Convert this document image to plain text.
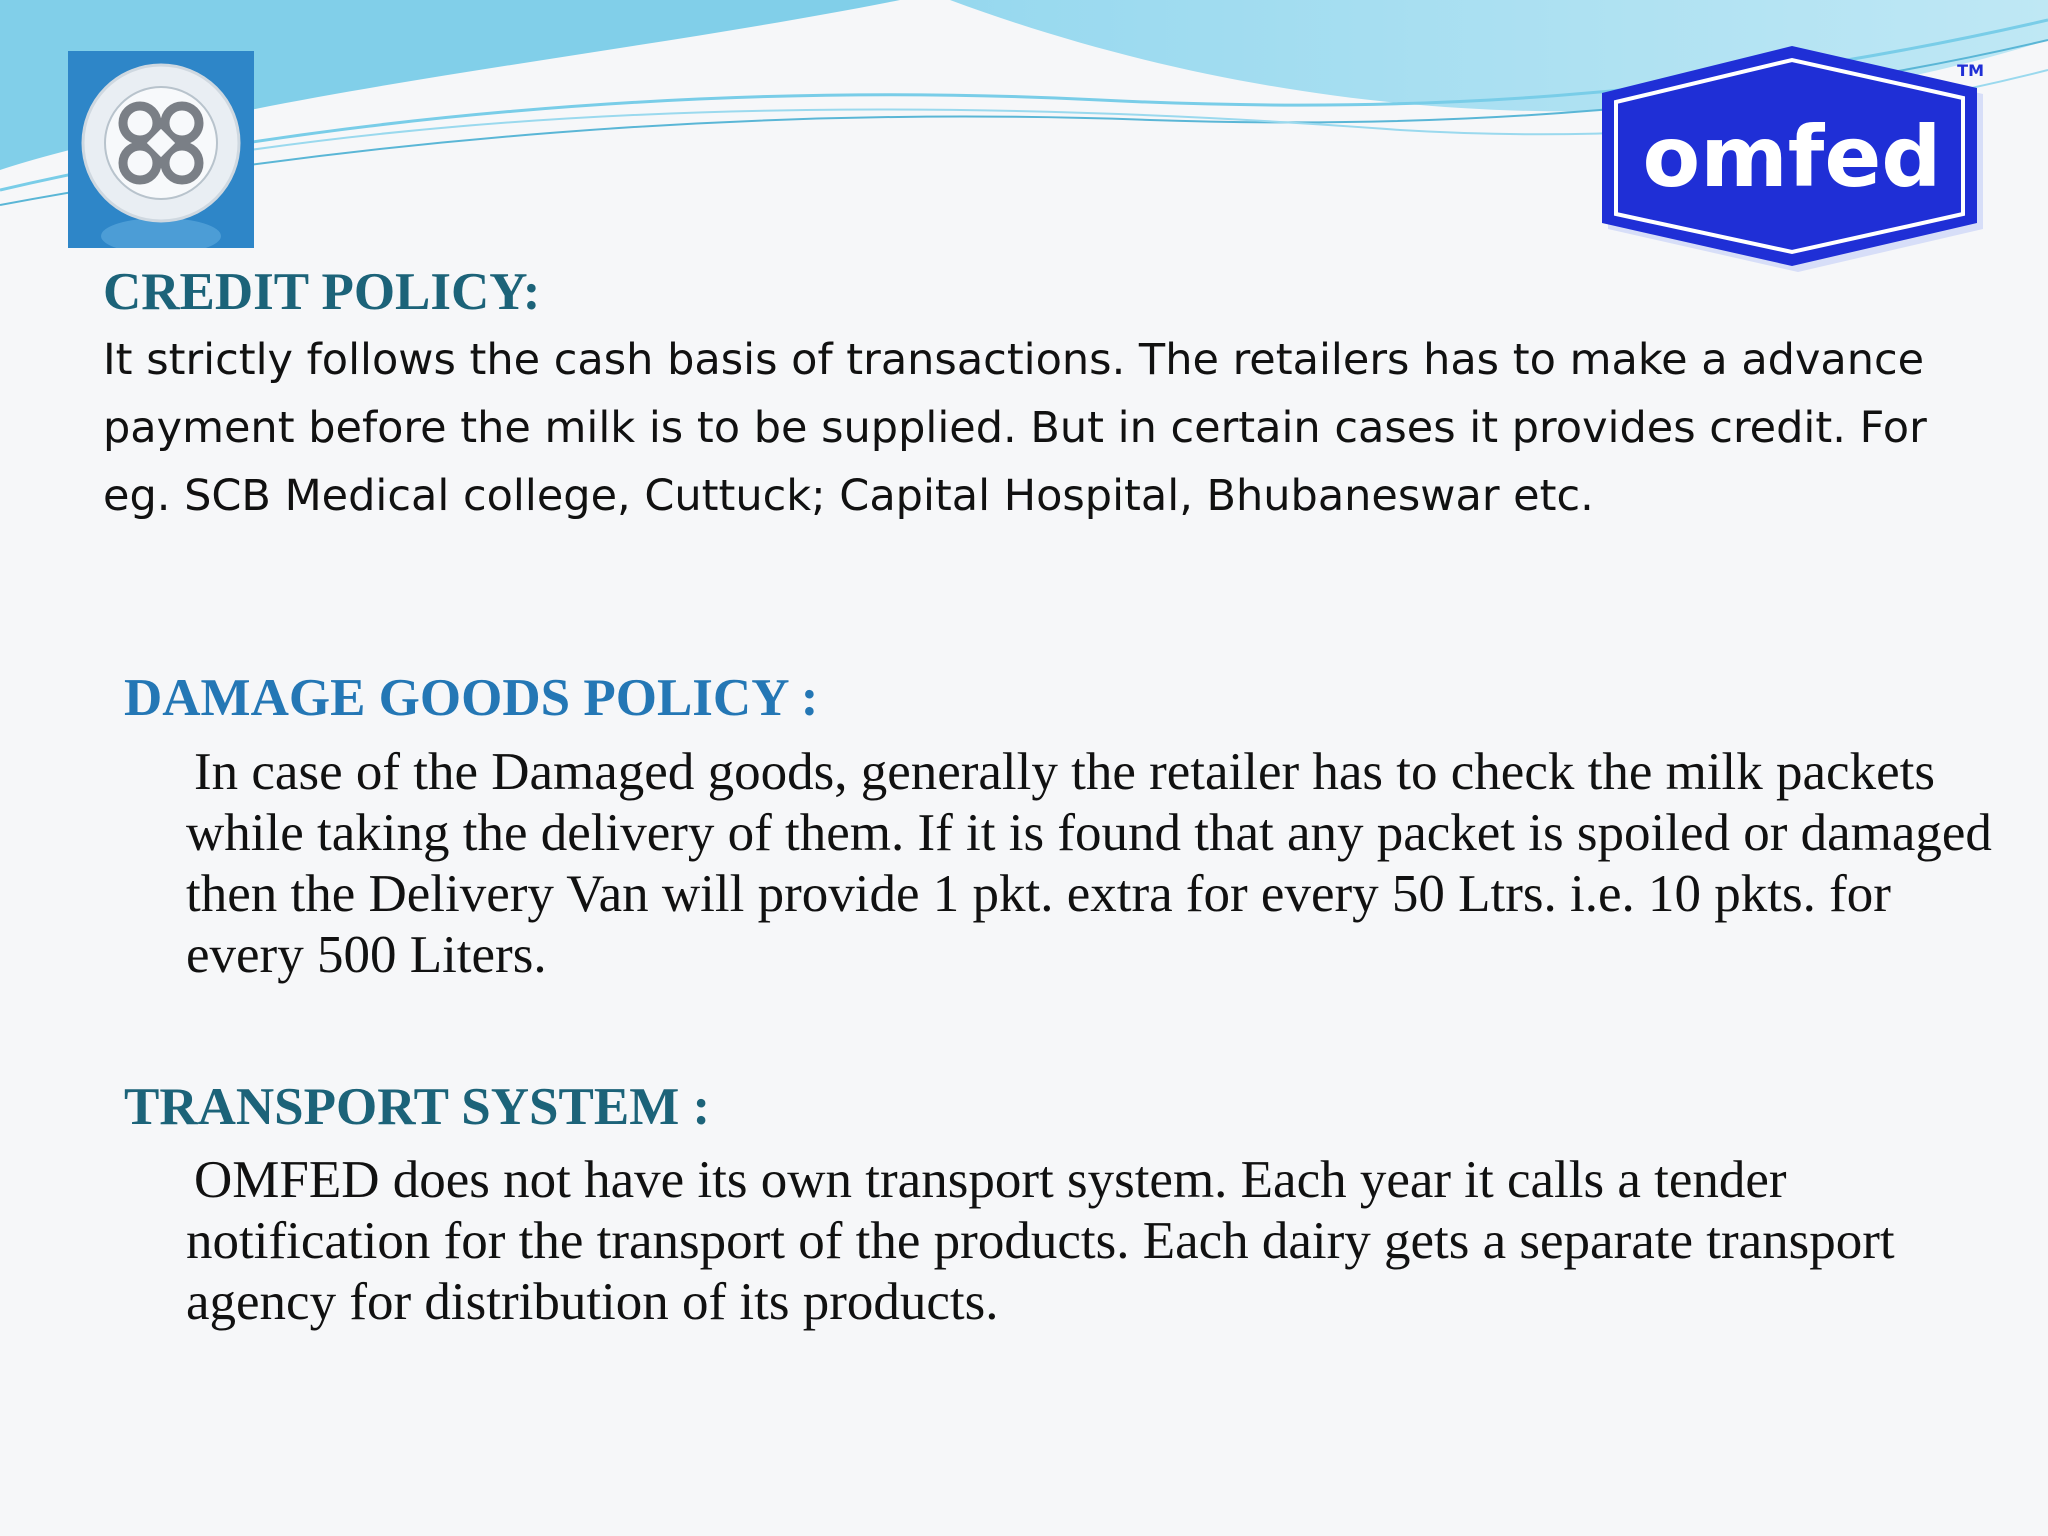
omfed
TM
CREDIT POLICY:

It strictly follows the cash basis of transactions. The retailers has to make a advance payment before the milk is to be supplied. But in certain cases it provides credit. For eg. SCB Medical college, Cuttuck; Capital Hospital, Bhubaneswar etc.

DAMAGE GOODS POLICY :

In case of the Damaged goods, generally the retailer has to check the milk packets while taking the delivery of them. If it is found that any packet is spoiled or damaged then the Delivery Van will provide 1 pkt. extra for every 50 Ltrs. i.e. 10 pkts. for every 500 Liters.

TRANSPORT SYSTEM :

OMFED does not have its own transport system. Each year it calls a tender notification for the transport of the products. Each dairy gets a separate transport agency for distribution of its products.
